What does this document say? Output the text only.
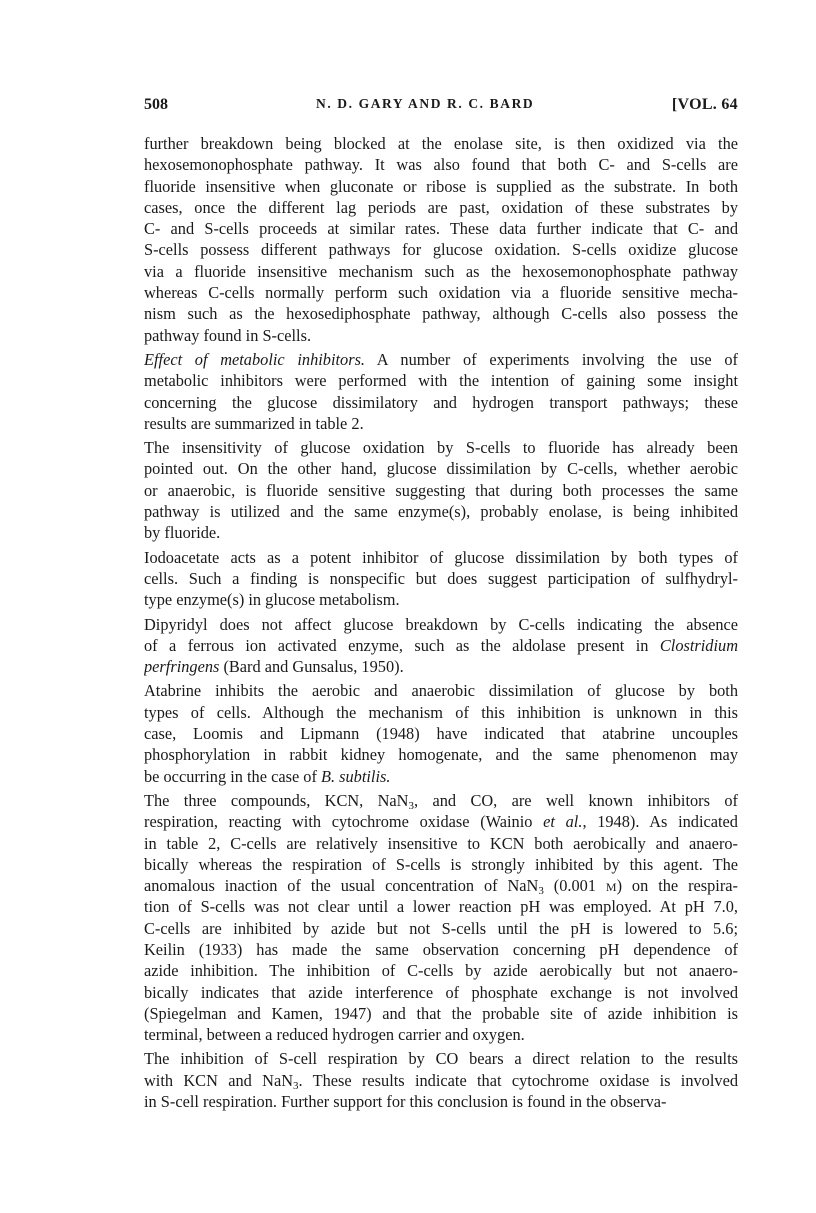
508	N. D. GARY AND R. C. BARD	[VOL. 64

further breakdown being blocked at the enolase site, is then oxidized via the
hexosemonophosphate pathway. It was also found that both C- and S-cells are
fluoride insensitive when gluconate or ribose is supplied as the substrate. In both
cases, once the different lag periods are past, oxidation of these substrates by
C- and S-cells proceeds at similar rates. These data further indicate that C- and
S-cells possess different pathways for glucose oxidation. S-cells oxidize glucose
via a fluoride insensitive mechanism such as the hexosemonophosphate pathway
whereas C-cells normally perform such oxidation via a fluoride sensitive mecha-
nism such as the hexosediphosphate pathway, although C-cells also possess the
pathway found in S-cells.

Effect of metabolic inhibitors. A number of experiments involving the use of
metabolic inhibitors were performed with the intention of gaining some insight
concerning the glucose dissimilatory and hydrogen transport pathways; these
results are summarized in table 2.

The insensitivity of glucose oxidation by S-cells to fluoride has already been
pointed out. On the other hand, glucose dissimilation by C-cells, whether aerobic
or anaerobic, is fluoride sensitive suggesting that during both processes the same
pathway is utilized and the same enzyme(s), probably enolase, is being inhibited
by fluoride.

Iodoacetate acts as a potent inhibitor of glucose dissimilation by both types of
cells. Such a finding is nonspecific but does suggest participation of sulfhydryl-
type enzyme(s) in glucose metabolism.

Dipyridyl does not affect glucose breakdown by C-cells indicating the absence
of a ferrous ion activated enzyme, such as the aldolase present in Clostridium
perfringens (Bard and Gunsalus, 1950).

Atabrine inhibits the aerobic and anaerobic dissimilation of glucose by both
types of cells. Although the mechanism of this inhibition is unknown in this
case, Loomis and Lipmann (1948) have indicated that atabrine uncouples
phosphorylation in rabbit kidney homogenate, and the same phenomenon may
be occurring in the case of B. subtilis.

The three compounds, KCN, NaN$_3$, and CO, are well known inhibitors of
respiration, reacting with cytochrome oxidase (Wainio et al., 1948). As indicated
in table 2, C-cells are relatively insensitive to KCN both aerobically and anaero-
bically whereas the respiration of S-cells is strongly inhibited by this agent. The
anomalous inaction of the usual concentration of NaN$_3$ (0.001 M) on the respira-
tion of S-cells was not clear until a lower reaction pH was employed. At pH 7.0,
C-cells are inhibited by azide but not S-cells until the pH is lowered to 5.6;
Keilin (1933) has made the same observation concerning pH dependence of
azide inhibition. The inhibition of C-cells by azide aerobically but not anaero-
bically indicates that azide interference of phosphate exchange is not involved
(Spiegelman and Kamen, 1947) and that the probable site of azide inhibition is
terminal, between a reduced hydrogen carrier and oxygen.

The inhibition of S-cell respiration by CO bears a direct relation to the results
with KCN and NaN$_3$. These results indicate that cytochrome oxidase is involved
in S-cell respiration. Further support for this conclusion is found in the observa-
